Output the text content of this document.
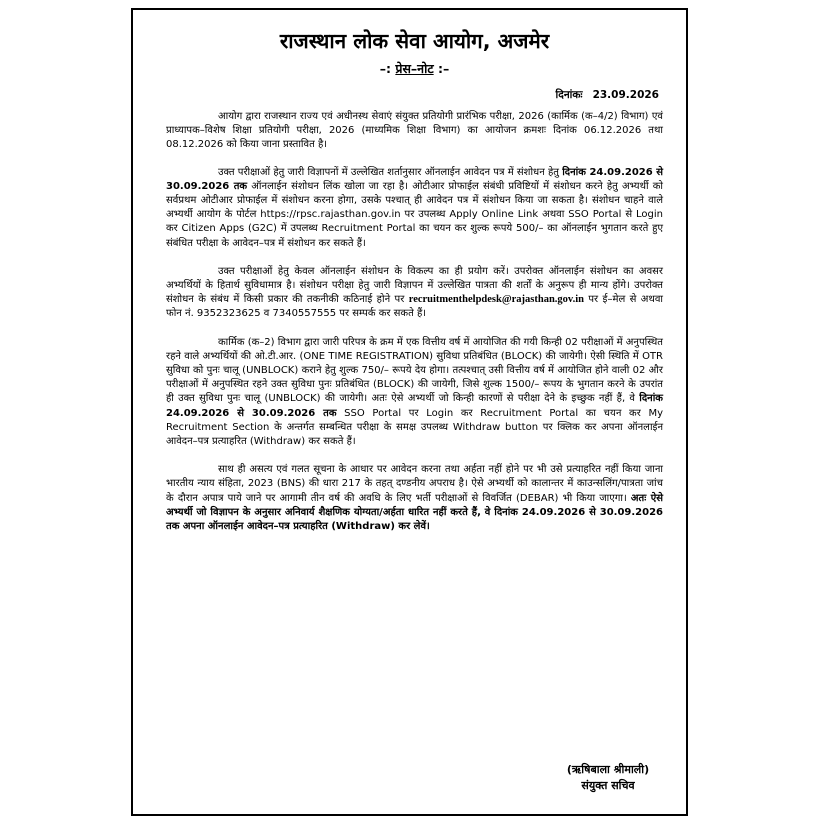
राजस्थान लोक सेवा आयोग, अजमेर
–: प्रेस–नोट :–
दिनांकः 23.09.2026

आयोग द्वारा राजस्थान राज्य एवं अधीनस्थ सेवाएं संयुक्त प्रतियोगी प्रारंभिक परीक्षा, 2026 (कार्मिक (क–4/2) विभाग) एवं प्राध्यापक–विशेष शिक्षा प्रतियोगी परीक्षा, 2026 (माध्यमिक शिक्षा विभाग) का आयोजन क्रमशः दिनांक 06.12.2026 तथा 08.12.2026 को किया जाना प्रस्तावित है।

उक्त परीक्षाओं हेतु जारी विज्ञापनों में उल्लेखित शर्तानुसार ऑनलाईन आवेदन पत्र में संशोधन हेतु दिनांक 24.09.2026 से 30.09.2026 तक ऑनलाईन संशोधन लिंक खोला जा रहा है। ओटीआर प्रोफाईल संबंधी प्रविष्टियों में संशोधन करने हेतु अभ्यर्थी को सर्वप्रथम ओटीआर प्रोफाईल में संशोधन करना होगा, उसके पश्चात् ही आवेदन पत्र में संशोधन किया जा सकता है। संशोधन चाहने वाले अभ्यर्थी आयोग के पोर्टल https://rpsc.rajasthan.gov.in पर उपलब्ध Apply Online Link अथवा SSO Portal से Login कर Citizen Apps (G2C) में उपलब्ध Recruitment Portal का चयन कर शुल्क रूपये 500/– का ऑनलाईन भुगतान करते हुए संबंधित परीक्षा के आवेदन–पत्र में संशोधन कर सकते हैं।

उक्त परीक्षाओं हेतु केवल ऑनलाईन संशोधन के विकल्प का ही प्रयोग करें। उपरोक्त ऑनलाईन संशोधन का अवसर अभ्यर्थियों के हितार्थ सुविधामात्र है। संशोधन परीक्षा हेतु जारी विज्ञापन में उल्लेखित पात्रता की शर्तों के अनुरूप ही मान्य होंगे। उपरोक्त संशोधन के संबंध में किसी प्रकार की तकनीकी कठिनाई होने पर recruitmenthelpdesk@rajasthan.gov.in पर ई–मेल से अथवा फोन नं. 9352323625 व 7340557555 पर सम्पर्क कर सकते हैं।

कार्मिक (क–2) विभाग द्वारा जारी परिपत्र के क्रम में एक वित्तीय वर्ष में आयोजित की गयी किन्ही 02 परीक्षाओं में अनुपस्थित रहने वाले अभ्यर्थियों की ओ.टी.आर. (ONE TIME REGISTRATION) सुविधा प्रतिबंधित (BLOCK) की जायेगी। ऐसी स्थिति में OTR सुविधा को पुनः चालू (UNBLOCK) कराने हेतु शुल्क 750/– रूपये देय होगा। तत्पश्चात् उसी वित्तीय वर्ष में आयोजित होने वाली 02 और परीक्षाओं में अनुपस्थित रहने उक्त सुविधा पुनः प्रतिबंधित (BLOCK) की जायेगी, जिसे शुल्क 1500/– रूपय के भुगतान करने के उपरांत ही उक्त सुविधा पुनः चालू (UNBLOCK) की जायेगी। अतः ऐसे अभ्यर्थी जो किन्ही कारणों से परीक्षा देने के इच्छुक नहीं हैं, वे दिनांक 24.09.2026 से 30.09.2026 तक SSO Portal पर Login कर Recruitment Portal का चयन कर My Recruitment Section के अन्तर्गत सम्बन्धित परीक्षा के समक्ष उपलब्ध Withdraw button पर क्लिक कर अपना ऑनलाईन आवेदन–पत्र प्रत्याहरित (Withdraw) कर सकते हैं।

साथ ही असत्य एवं गलत सूचना के आधार पर आवेदन करना तथा अर्हता नहीं होने पर भी उसे प्रत्याहरित नहीं किया जाना भारतीय न्याय संहिता, 2023 (BNS) की धारा 217 के तहत् दण्डनीय अपराध है। ऐसे अभ्यर्थी को कालान्तर में काउन्सलिंग/पात्रता जांच के दौरान अपात्र पाये जाने पर आगामी तीन वर्ष की अवधि के लिए भर्ती परीक्षाओं से विवर्जित (DEBAR) भी किया जाएगा। अतः ऐसे अभ्यर्थी जो विज्ञापन के अनुसार अनिवार्य शैक्षणिक योग्यता/अर्हता धारित नहीं करते हैं, वे दिनांक 24.09.2026 से 30.09.2026 तक अपना ऑनलाईन आवेदन–पत्र प्रत्याहरित (Withdraw) कर लेवें।

(ऋषिबाला श्रीमाली)
संयुक्त सचिव
